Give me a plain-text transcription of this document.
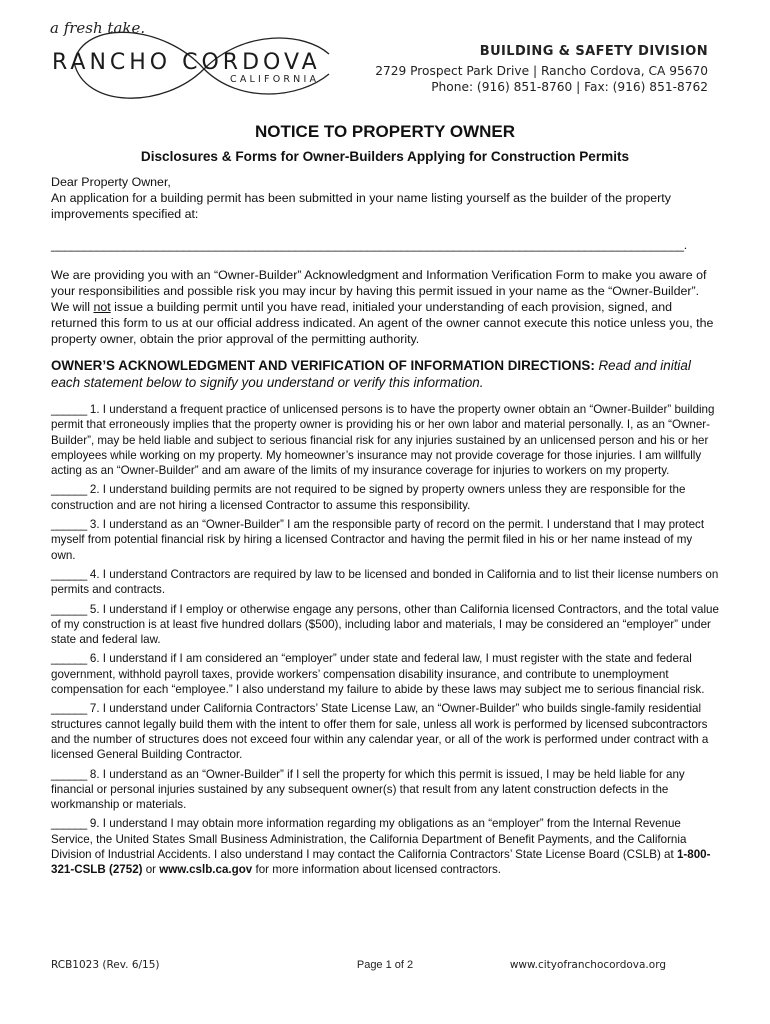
a fresh take.
RANCHO CORDOVA
CALIFORNIA
BUILDING & SAFETY DIVISION
2729 Prospect Park Drive | Rancho Cordova, CA 95670
Phone: (916) 851-8760 | Fax: (916) 851-8762
NOTICE TO PROPERTY OWNER
Disclosures & Forms for Owner-Builders Applying for Construction Permits
Dear Property Owner,
An application for a building permit has been submitted in your name listing yourself as the builder of the property improvements specified at:
________________________________________________________________________________________________.
We are providing you with an “Owner-Builder” Acknowledgment and Information Verification Form to make you aware of your responsibilities and possible risk you may incur by having this permit issued in your name as the “Owner-Builder”. We will not issue a building permit until you have read, initialed your understanding of each provision, signed, and returned this form to us at our official address indicated. An agent of the owner cannot execute this notice unless you, the property owner, obtain the prior approval of the permitting authority.
OWNER’S ACKNOWLEDGMENT AND VERIFICATION OF INFORMATION DIRECTIONS: Read and initial each statement below to signify you understand or verify this information.
______ 1. I understand a frequent practice of unlicensed persons is to have the property owner obtain an “Owner-Builder” building permit that erroneously implies that the property owner is providing his or her own labor and material personally. I, as an “Owner-Builder”, may be held liable and subject to serious financial risk for any injuries sustained by an unlicensed person and his or her employees while working on my property. My homeowner’s insurance may not provide coverage for those injuries. I am willfully acting as an “Owner-Builder” and am aware of the limits of my insurance coverage for injuries to workers on my property.
______ 2. I understand building permits are not required to be signed by property owners unless they are responsible for the construction and are not hiring a licensed Contractor to assume this responsibility.
______ 3. I understand as an “Owner-Builder” I am the responsible party of record on the permit. I understand that I may protect myself from potential financial risk by hiring a licensed Contractor and having the permit filed in his or her name instead of my own.
______ 4. I understand Contractors are required by law to be licensed and bonded in California and to list their license numbers on permits and contracts.
______ 5. I understand if I employ or otherwise engage any persons, other than California licensed Contractors, and the total value of my construction is at least five hundred dollars ($500), including labor and materials, I may be considered an “employer” under state and federal law.
______ 6. I understand if I am considered an “employer” under state and federal law, I must register with the state and federal government, withhold payroll taxes, provide workers’ compensation disability insurance, and contribute to unemployment compensation for each “employee.” I also understand my failure to abide by these laws may subject me to serious financial risk.
______ 7. I understand under California Contractors’ State License Law, an “Owner-Builder” who builds single-family residential structures cannot legally build them with the intent to offer them for sale, unless all work is performed by licensed subcontractors and the number of structures does not exceed four within any calendar year, or all of the work is performed under contract with a licensed General Building Contractor.
______ 8. I understand as an “Owner-Builder” if I sell the property for which this permit is issued, I may be held liable for any financial or personal injuries sustained by any subsequent owner(s) that result from any latent construction defects in the workmanship or materials.
______ 9. I understand I may obtain more information regarding my obligations as an “employer” from the Internal Revenue Service, the United States Small Business Administration, the California Department of Benefit Payments, and the California Division of Industrial Accidents. I also understand I may contact the California Contractors’ State License Board (CSLB) at 1-800-321-CSLB (2752) or www.cslb.ca.gov for more information about licensed contractors.
RCB1023 (Rev. 6/15)	Page 1 of 2	www.cityofranchocordova.org
